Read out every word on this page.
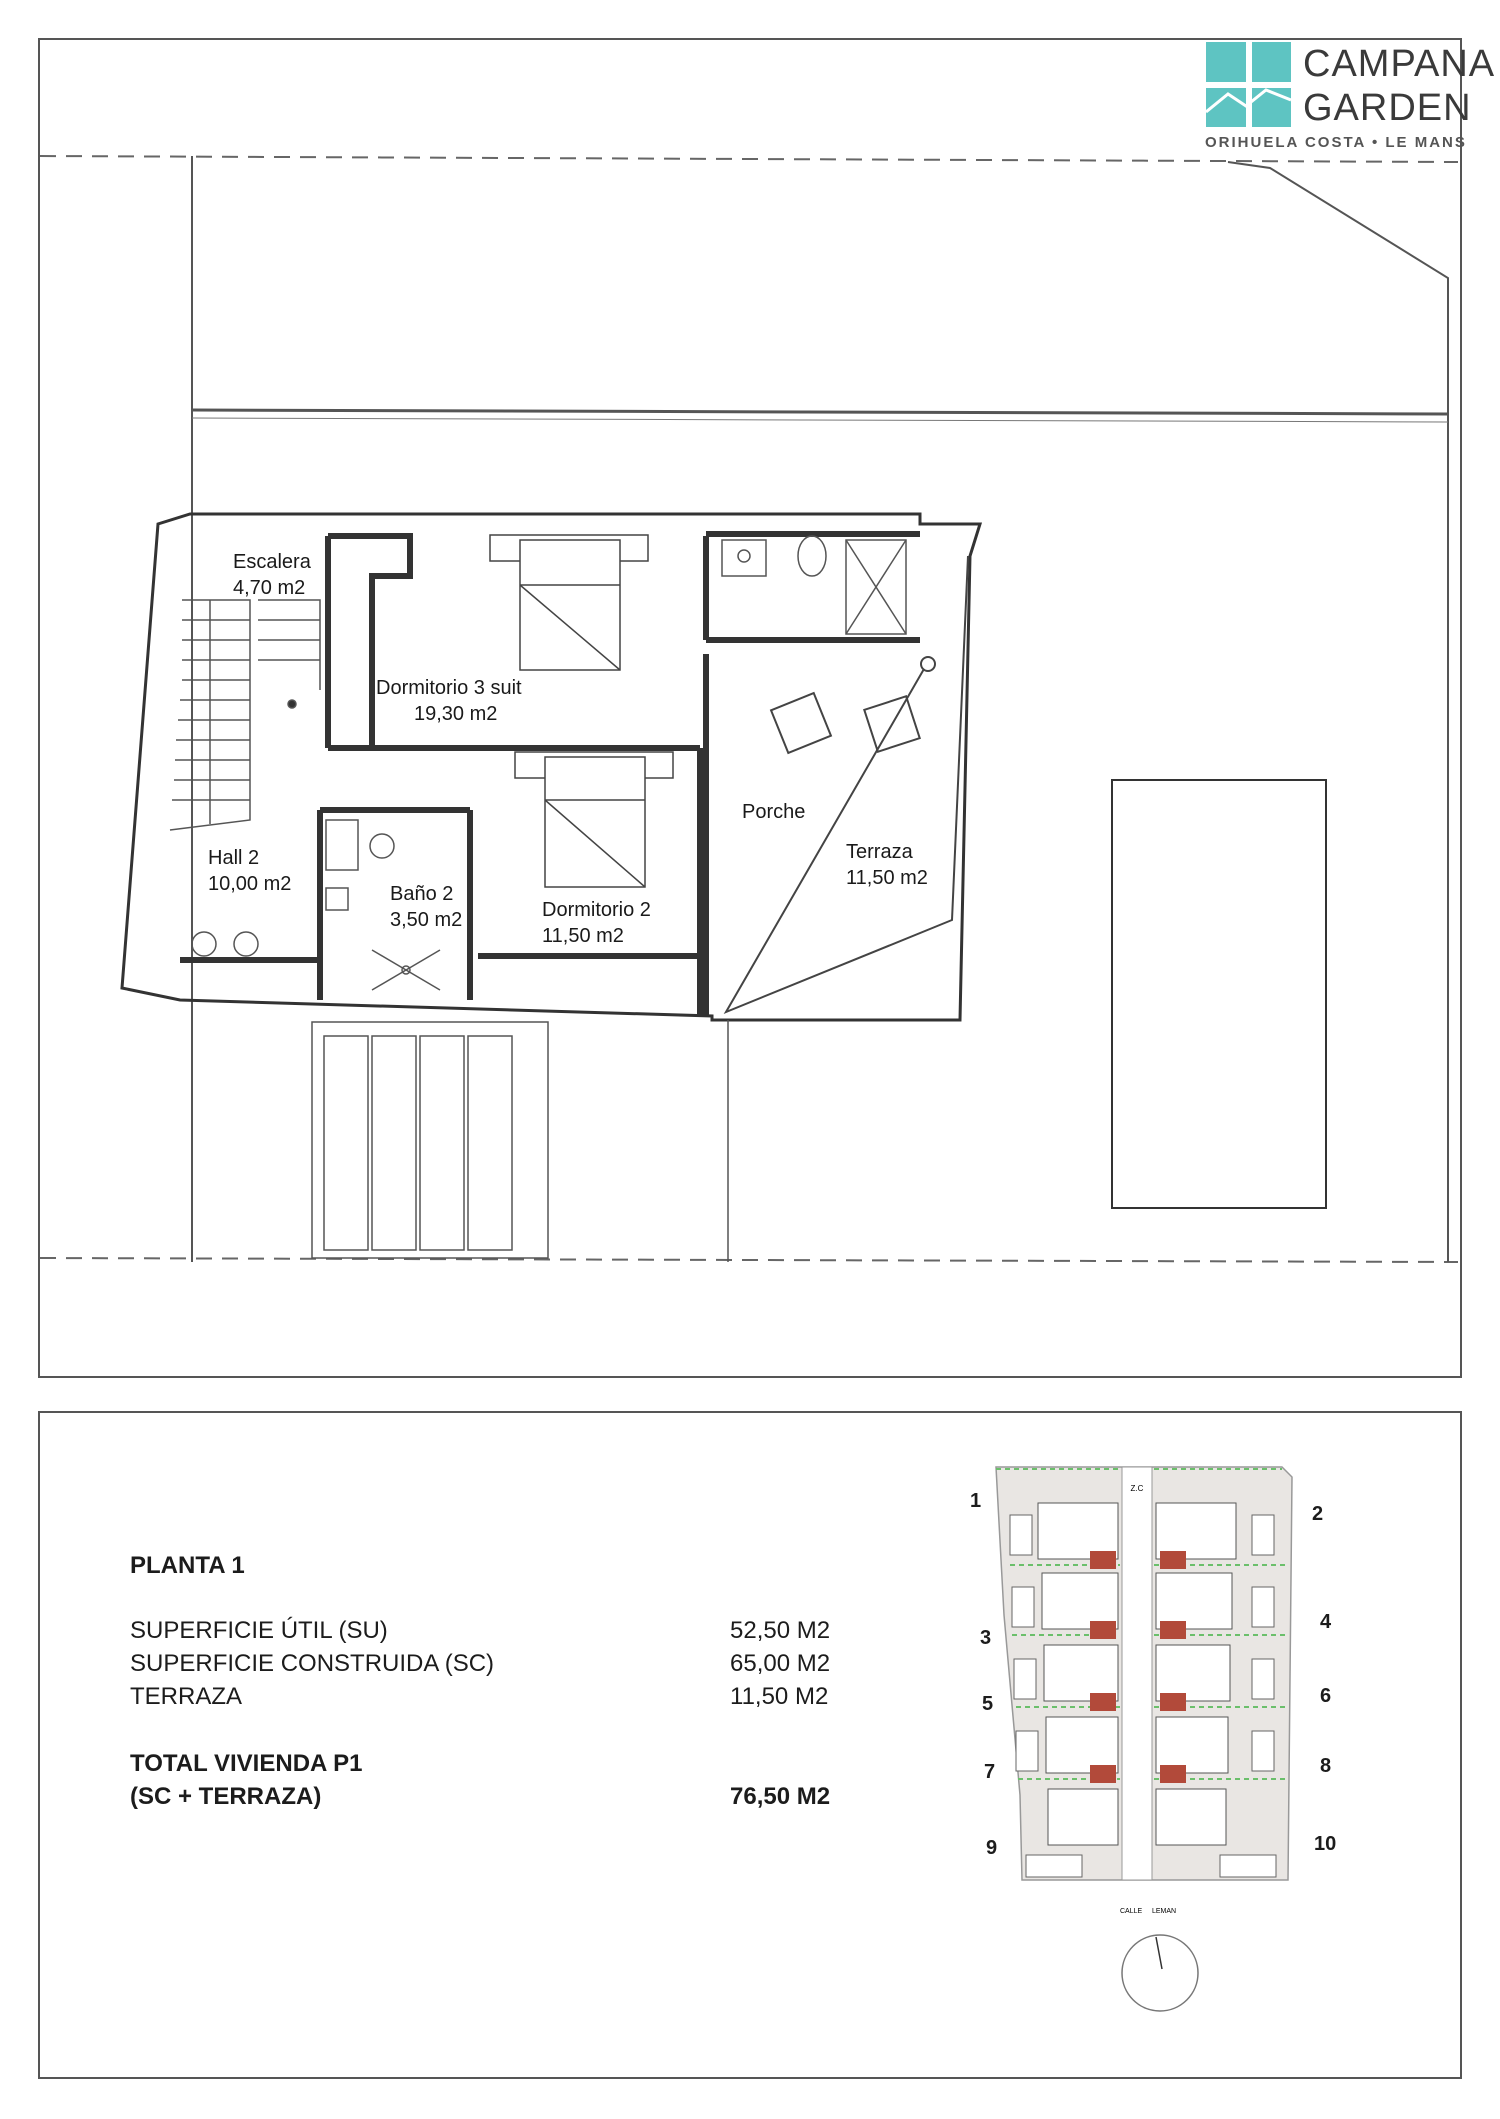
Escalera
4,70 m2
Dormitorio 3 suit
19,30 m2
Hall 2
10,00 m2	Baño 2
3,50 m2	Dormitorio 2
11,50 m2
Porche
Terraza
11,50 m2
CAMPANA
GARDEN
ORIHUELA COSTA • LE MANS
PLANTA 1
SUPERFICIE ÚTIL (SU)	52,50 M2
SUPERFICIE CONSTRUIDA (SC)	65,00 M2
TERRAZA	11,50 M2
TOTAL VIVIENDA P1
(SC + TERRAZA)	76,50 M2
Z.C
CALLE LEMAN
1
2
3
4
5	6
7	8
9	10
